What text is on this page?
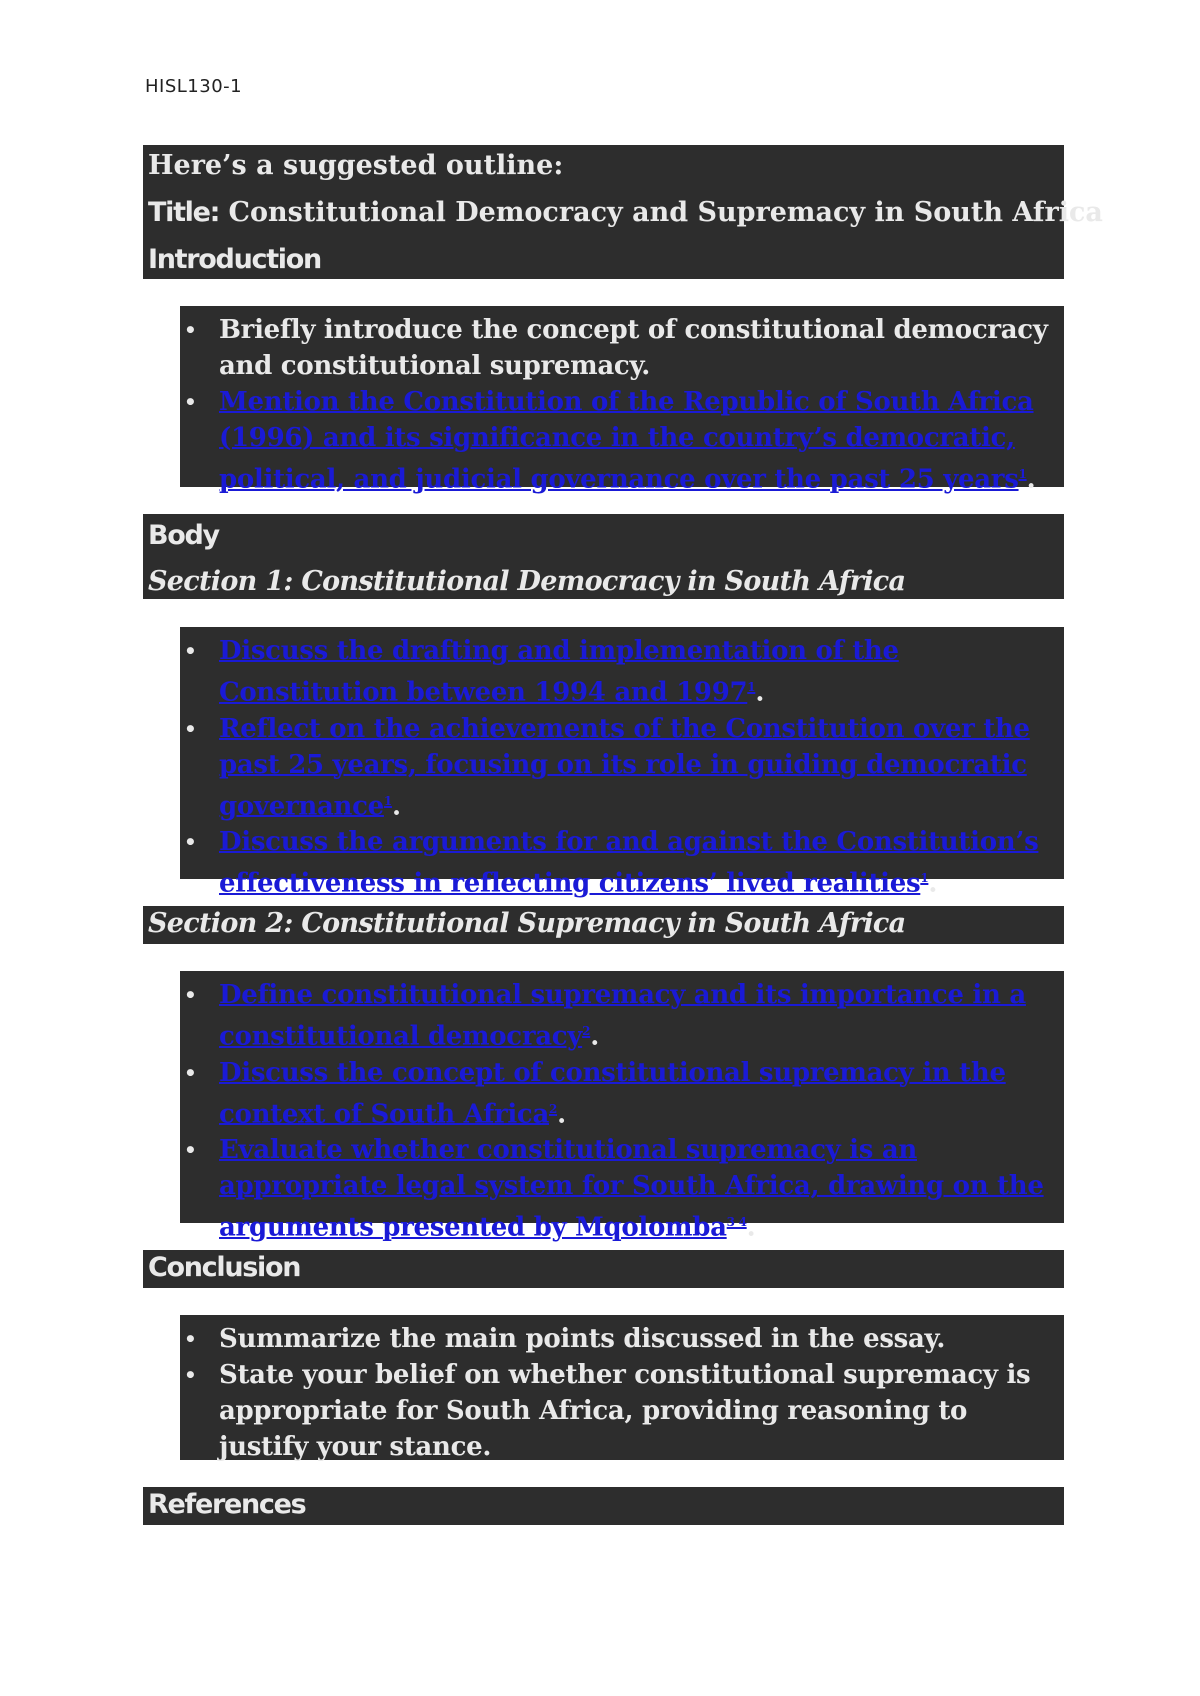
HISL130-1
Here’s a suggested outline:
Title: Constitutional Democracy and Supremacy in South Africa
Introduction
• Briefly introduce the concept of constitutional democracy and constitutional supremacy.
• Mention the Constitution of the Republic of South Africa (1996) and its significance in the country’s democratic, political, and judicial governance over the past 25 years$^1$.
Body
Section 1: Constitutional Democracy in South Africa
• Discuss the drafting and implementation of the Constitution between 1994 and 1997$^1$.
• Reflect on the achievements of the Constitution over the past 25 years, focusing on its role in guiding democratic governance$^1$.
• Discuss the arguments for and against the Constitution’s effectiveness in reflecting citizens’ lived realities$^1$.
Section 2: Constitutional Supremacy in South Africa
• Define constitutional supremacy and its importance in a constitutional democracy$^2$.
• Discuss the concept of constitutional supremacy in the context of South Africa$^2$.
• Evaluate whether constitutional supremacy is an appropriate legal system for South Africa, drawing on the arguments presented by Mqolomba$^{3 4}$.
Conclusion
• Summarize the main points discussed in the essay.
• State your belief on whether constitutional supremacy is appropriate for South Africa, providing reasoning to justify your stance.
References
